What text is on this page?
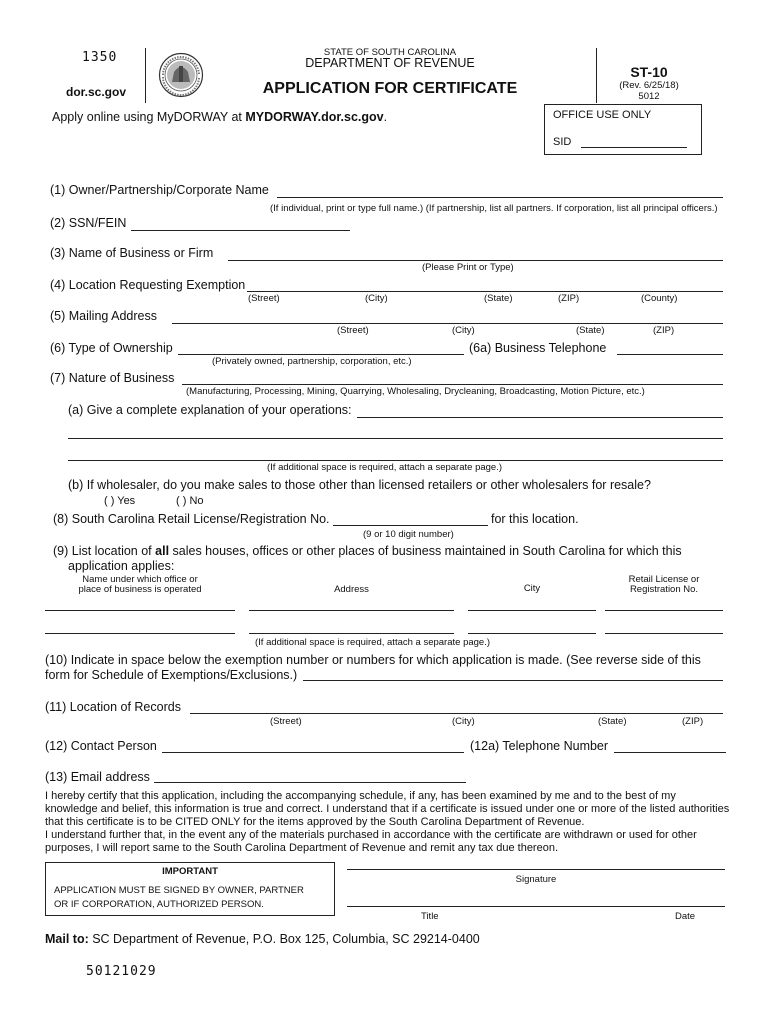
1350
dor.sc.gov
STATE OF SOUTH CAROLINA
DEPARTMENT OF REVENUE
APPLICATION FOR CERTIFICATE
ST-10
(Rev. 6/25/18)
5012
Apply online using MyDORWAY at MYDORWAY.dor.sc.gov.	OFFICE USE ONLY
SID
(1) Owner/Partnership/Corporate Name
(If individual, print or type full name.) (If partnership, list all partners. If corporation, list all principal officers.)
(2) SSN/FEIN
(3) Name of Business or Firm
(Please Print or Type)
(4) Location Requesting Exemption
(Street)	(City)	(State)	(ZIP)	(County)
(5) Mailing Address
(Street)	(City)	(State)	(ZIP)
(6) Type of Ownership
(Privately owned, partnership, corporation, etc.)
(6a) Business Telephone
(7) Nature of Business
(Manufacturing, Processing, Mining, Quarrying, Wholesaling, Drycleaning, Broadcasting, Motion Picture, etc.)
(a) Give a complete explanation of your operations:
(If additional space is required, attach a separate page.)
(b) If wholesaler, do you make sales to those other than licensed retailers or other wholesalers for resale?
( ) Yes	( ) No
(8) South Carolina Retail License/Registration No.	for this location.
(9 or 10 digit number)
(9) List location of all sales houses, offices or other places of business maintained in South Carolina for which this
application applies:
Name under which office or
place of business is operated	Address	City
Retail License or
Registration No.
(If additional space is required, attach a separate page.)
(10) Indicate in space below the exemption number or numbers for which application is made. (See reverse side of this
form for Schedule of Exemptions/Exclusions.)
(11) Location of Records
(Street)	(City)	(State)	(ZIP)
(12) Contact Person	(12a) Telephone Number
(13) Email address
I hereby certify that this application, including the accompanying schedule, if any, has been examined by me and to the best of my knowledge and belief, this information is true and correct. I understand that if a certificate is issued under one or more of the listed authorities that this certificate is to be CITED ONLY for the items approved by the South Carolina Department of Revenue.
I understand further that, in the event any of the materials purchased in accordance with the certificate are withdrawn or used for other purposes, I will report same to the South Carolina Department of Revenue and remit any tax due thereon.
IMPORTANT
APPLICATION MUST BE SIGNED BY OWNER, PARTNER
OR IF CORPORATION, AUTHORIZED PERSON.
Signature
Title	Date
Mail to: SC Department of Revenue, P.O. Box 125, Columbia, SC 29214-0400
50121029
